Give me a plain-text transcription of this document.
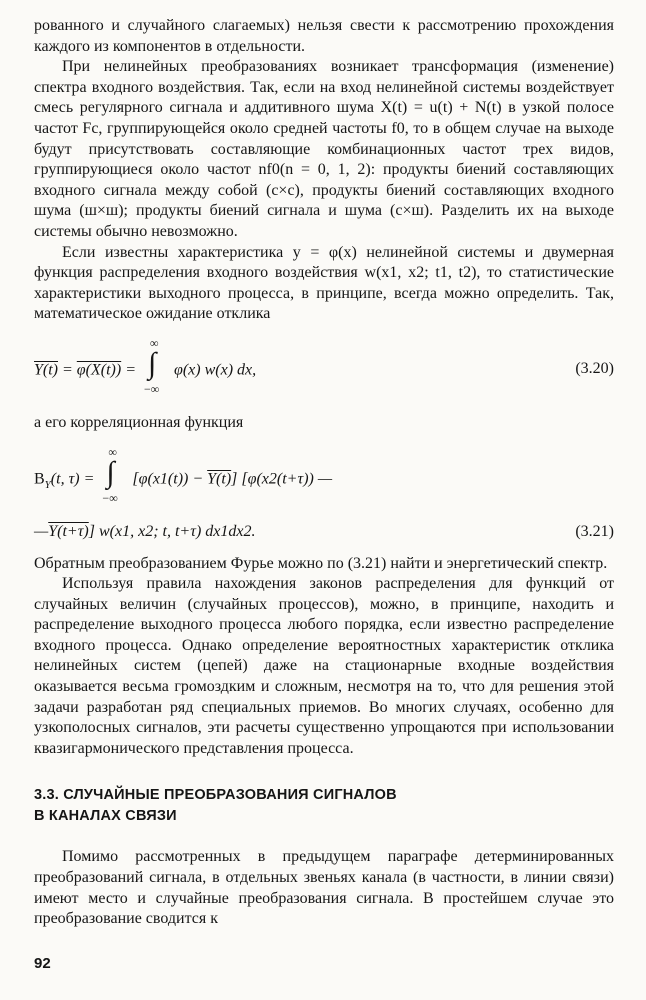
рованного и случайного слагаемых) нельзя свести к рассмотрению прохождения каждого из компонентов в отдельности.

При нелинейных преобразованиях возникает трансформация (изменение) спектра входного воздействия. Так, если на вход нелинейной системы воздействует смесь регулярного сигнала и аддитивного шума X(t) = u(t) + N(t) в узкой полосе частот Fc, группирующейся около средней частоты f0, то в общем случае на выходе будут присутствовать составляющие комбинационных частот трех видов, группирующиеся около частот nf0(n = 0, 1, 2): продукты биений составляющих входного сигнала между собой (с×с), продукты биений составляющих входного шума (ш×ш); продукты биений сигнала и шума (с×ш). Разделить их на выходе системы обычно невозможно.

Если известны характеристика y = φ(x) нелинейной системы и двумерная функция распределения входного воздействия w(x1, x2; t1, t2), то статистические характеристики выходного процесса, в принципе, всегда можно определить. Так, математическое ожидание отклика

Y(t) = φ(X(t)) =
∞
∫
−∞
φ(x) w(x) dx,	(3.20)

а его корреляционная функция

$B_Y(t$, τ) =
∞
∫
−∞
[φ(x1(t)) − Y(t)] [φ(x2(t+τ)) —
—Y(t+τ)] w(x1, x2; t, t+τ) dx1dx2.	(3.21)

Обратным преобразованием Фурье можно по (3.21) найти и энергетический спектр.

Используя правила нахождения законов распределения для функций от случайных величин (случайных процессов), можно, в принципе, находить и распределение выходного процесса любого порядка, если известно распределение входного процесса. Однако определение вероятностных характеристик отклика нелинейных систем (цепей) даже на стационарные входные воздействия оказывается весьма громоздким и сложным, несмотря на то, что для решения этой задачи разработан ряд специальных приемов. Во многих случаях, особенно для узкополосных сигналов, эти расчеты существенно упрощаются при использовании квазигармонического представления процесса.

3.3. СЛУЧАЙНЫЕ ПРЕОБРАЗОВАНИЯ СИГНАЛОВ
В КАНАЛАХ СВЯЗИ

Помимо рассмотренных в предыдущем параграфе детерминированных преобразований сигнала, в отдельных звеньях канала (в частности, в линии связи) имеют место и случайные преобразования сигнала. В простейшем случае это преобразование сводится к

92
